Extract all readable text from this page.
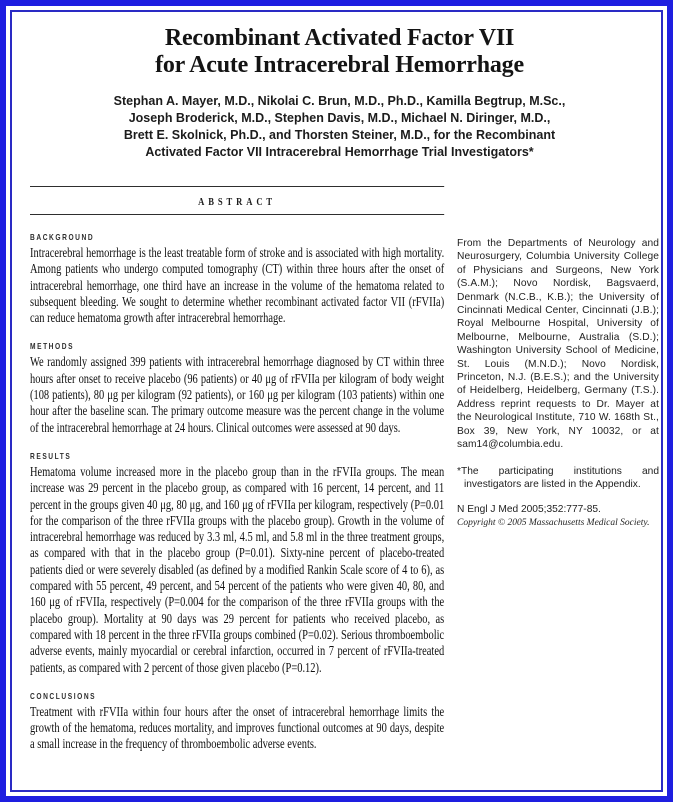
Recombinant Activated Factor VII
for Acute Intracerebral Hemorrhage
Stephan A. Mayer, M.D., Nikolai C. Brun, M.D., Ph.D., Kamilla Begtrup, M.Sc.,
Joseph Broderick, M.D., Stephen Davis, M.D., Michael N. Diringer, M.D.,
Brett E. Skolnick, Ph.D., and Thorsten Steiner, M.D., for the Recombinant
Activated Factor VII Intracerebral Hemorrhage Trial Investigators*
ABSTRACT
BACKGROUND
Intracerebral hemorrhage is the least treatable form of stroke and is associated with high mortality. Among patients who undergo computed tomography (CT) within three hours after the onset of intracerebral hemorrhage, one third have an increase in the volume of the hematoma related to subsequent bleeding. We sought to determine whether recombinant activated factor VII (rFVIIa) can reduce hematoma growth after intracerebral hemorrhage.
METHODS
We randomly assigned 399 patients with intracerebral hemorrhage diagnosed by CT within three hours after onset to receive placebo (96 patients) or 40 μg of rFVIIa per kilogram of body weight (108 patients), 80 μg per kilogram (92 patients), or 160 μg per kilogram (103 patients) within one hour after the baseline scan. The primary outcome measure was the percent change in the volume of the intracerebral hemorrhage at 24 hours. Clinical outcomes were assessed at 90 days.
RESULTS
Hematoma volume increased more in the placebo group than in the rFVIIa groups. The mean increase was 29 percent in the placebo group, as compared with 16 percent, 14 percent, and 11 percent in the groups given 40 μg, 80 μg, and 160 μg of rFVIIa per kilogram, respectively (P=0.01 for the comparison of the three rFVIIa groups with the placebo group). Growth in the volume of intracerebral hemorrhage was reduced by 3.3 ml, 4.5 ml, and 5.8 ml in the three treatment groups, as compared with that in the placebo group (P=0.01). Sixty-nine percent of placebo-treated patients died or were severely disabled (as defined by a modified Rankin Scale score of 4 to 6), as compared with 55 percent, 49 percent, and 54 percent of the patients who were given 40, 80, and 160 μg of rFVIIa, respectively (P=0.004 for the comparison of the three rFVIIa groups with the placebo group). Mortality at 90 days was 29 percent for patients who received placebo, as compared with 18 percent in the three rFVIIa groups combined (P=0.02). Serious thromboembolic adverse events, mainly myocardial or cerebral infarction, occurred in 7 percent of rFVIIa-treated patients, as compared with 2 percent of those given placebo (P=0.12).
CONCLUSIONS
Treatment with rFVIIa within four hours after the onset of intracerebral hemorrhage limits the growth of the hematoma, reduces mortality, and improves functional outcomes at 90 days, despite a small increase in the frequency of thromboembolic adverse events.
From the Departments of Neurology and Neurosurgery, Columbia University College of Physicians and Surgeons, New York (S.A.M.); Novo Nordisk, Bagsvaerd, Denmark (N.C.B., K.B.); the University of Cincinnati Medical Center, Cincinnati (J.B.); Royal Melbourne Hospital, University of Melbourne, Melbourne, Australia (S.D.); Washington University School of Medicine, St. Louis (M.N.D.); Novo Nordisk, Princeton, N.J. (B.E.S.); and the University of Heidelberg, Heidelberg, Germany (T.S.). Address reprint requests to Dr. Mayer at the Neurological Institute, 710 W. 168th St., Box 39, New York, NY 10032, or at sam14@columbia.edu.
*The participating institutions and investigators are listed in the Appendix.
N Engl J Med 2005;352:777-85.
Copyright © 2005 Massachusetts Medical Society.
